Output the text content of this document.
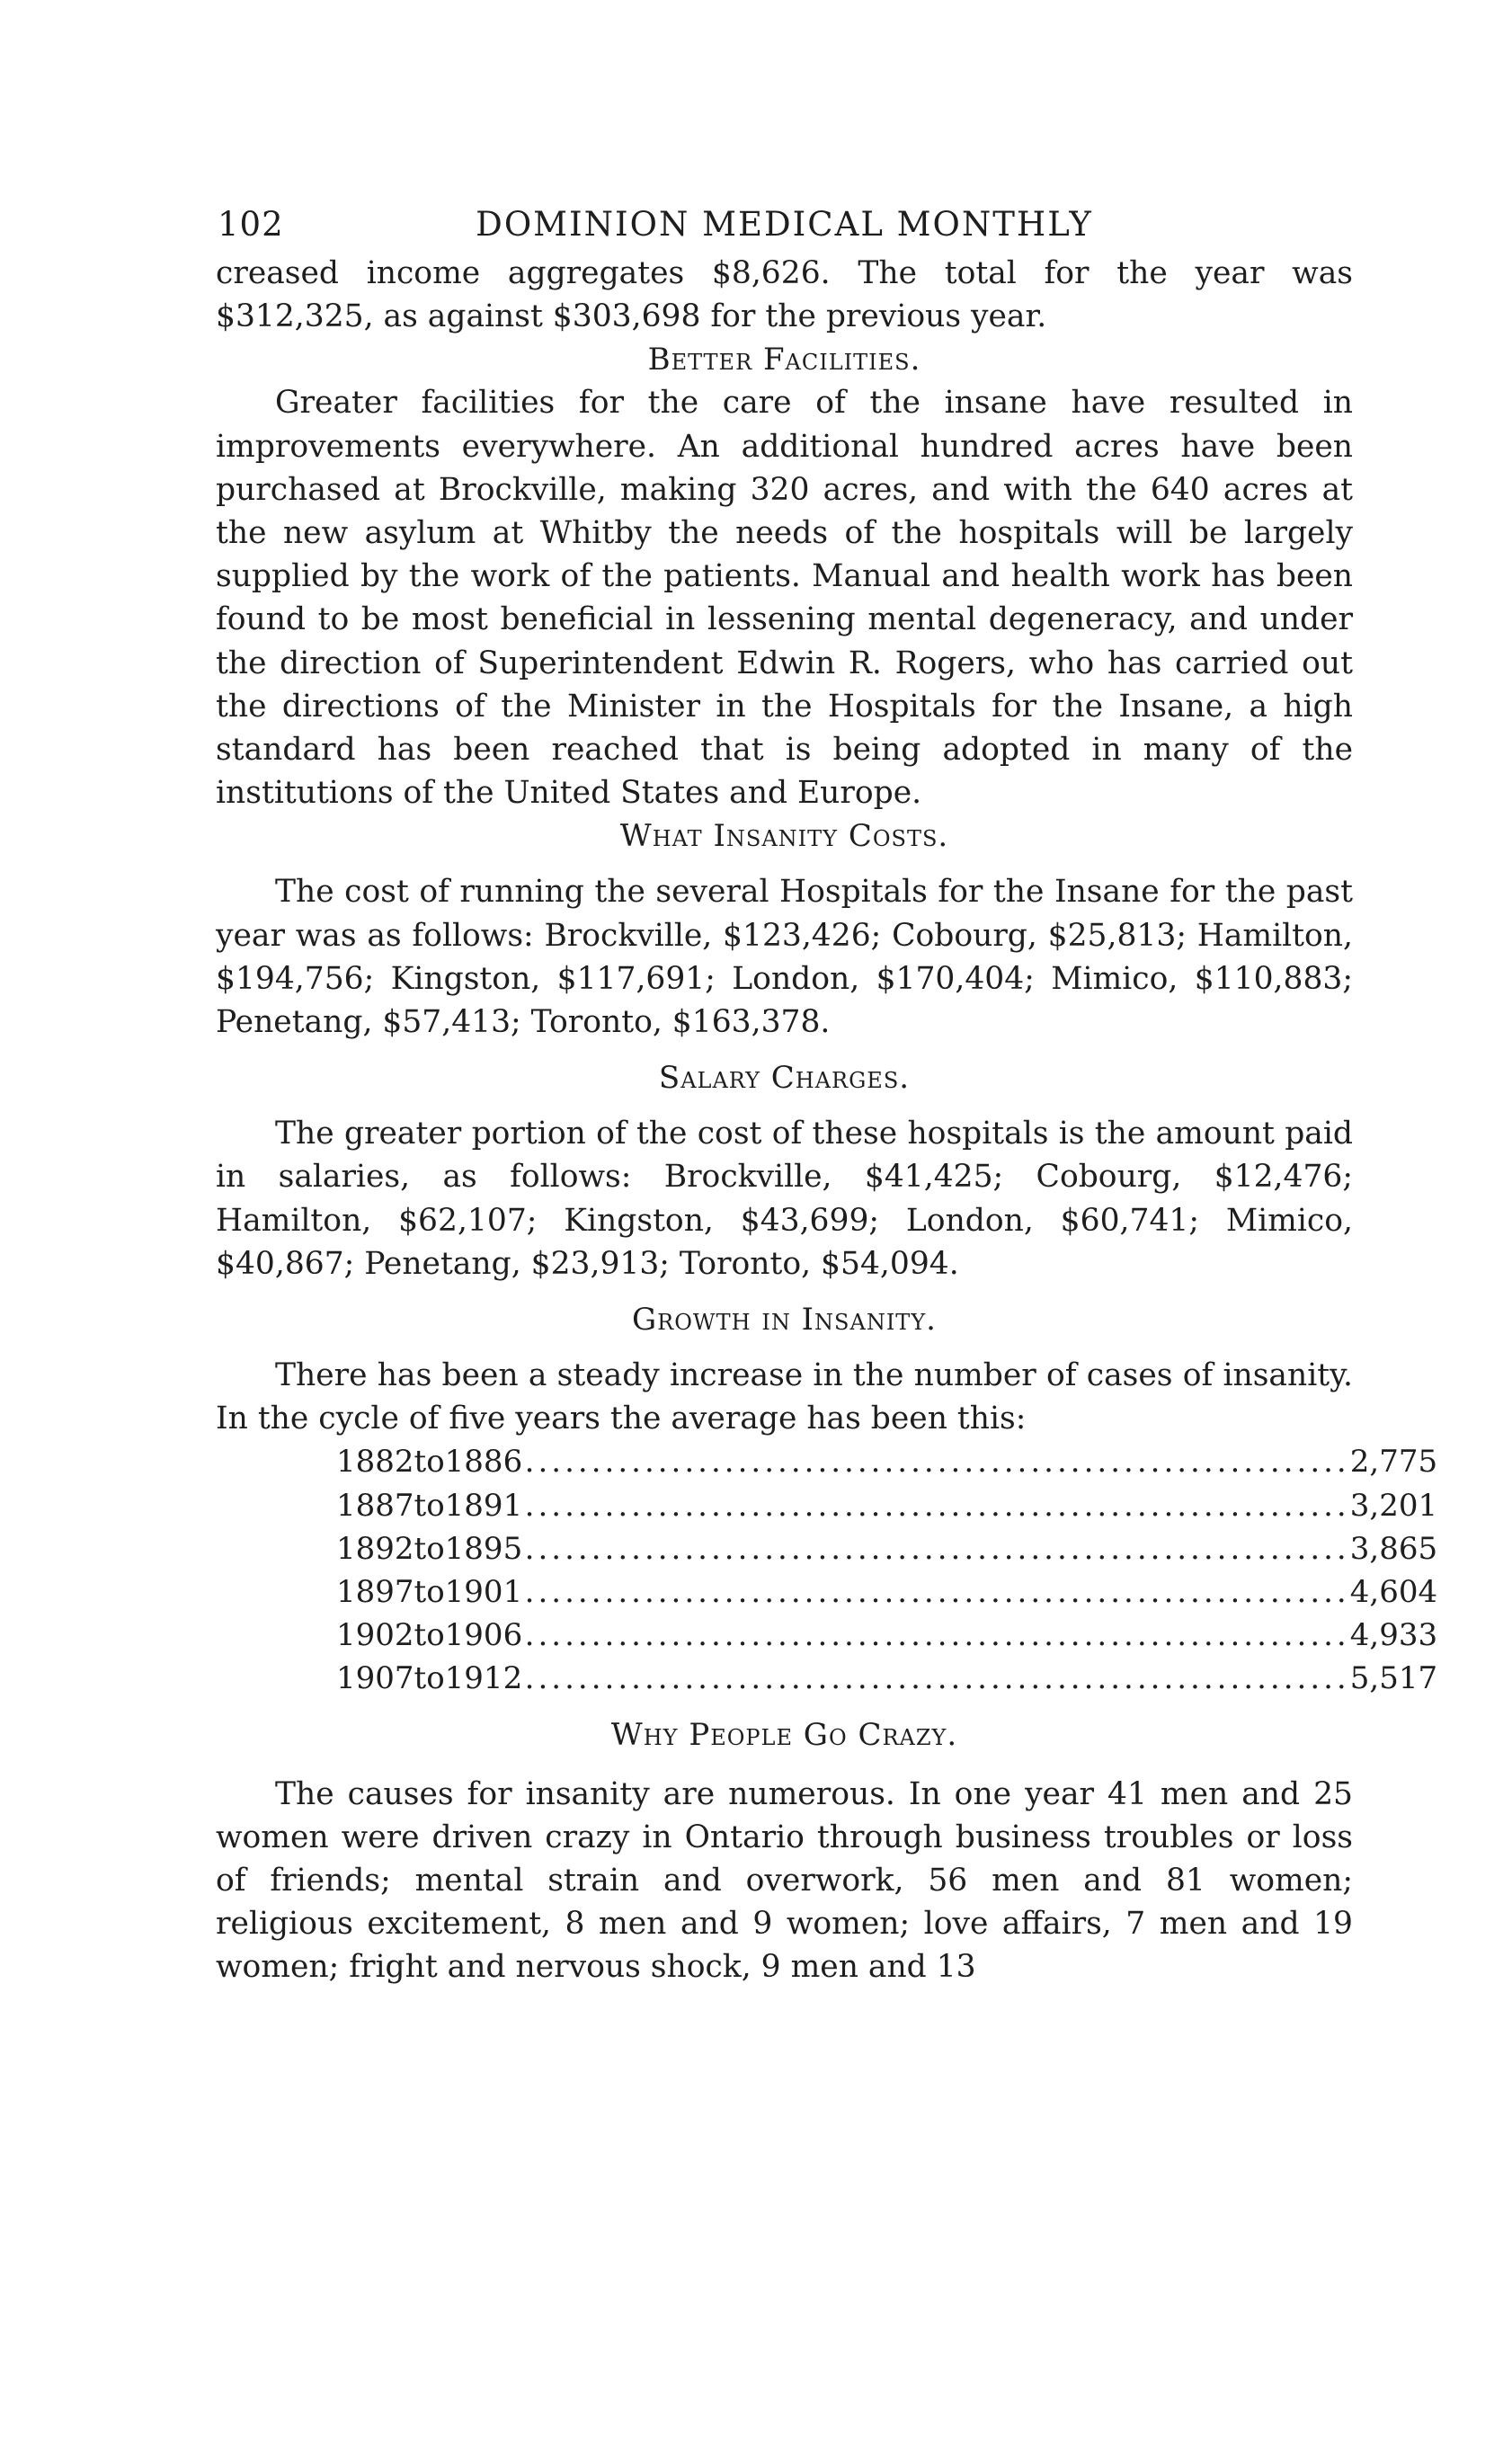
102	DOMINION MEDICAL MONTHLY

creased income aggregates $8,626. The total for the year was $312,325, as against $303,698 for the previous year.

Better Facilities.

Greater facilities for the care of the insane have resulted in improvements everywhere. An additional hundred acres have been purchased at Brockville, making 320 acres, and with the 640 acres at the new asylum at Whitby the needs of the hospitals will be largely supplied by the work of the patients. Manual and health work has been found to be most beneficial in lessening mental degeneracy, and under the direction of Superintendent Edwin R. Rogers, who has carried out the directions of the Minister in the Hospitals for the Insane, a high standard has been reached that is being adopted in many of the institutions of the United States and Europe.

What Insanity Costs.

The cost of running the several Hospitals for the Insane for the past year was as follows: Brockville, $123,426; Cobourg, $25,813; Hamilton, $194,756; Kingston, $117,691; London, $170,404; Mimico, $110,883; Penetang, $57,413; Toronto, $163,378.

Salary Charges.

The greater portion of the cost of these hospitals is the amount paid in salaries, as follows: Brockville, $41,425; Cobourg, $12,476; Hamilton, $62,107; Kingston, $43,699; London, $60,741; Mimico, $40,867; Penetang, $23,913; Toronto, $54,094.

Growth in Insanity.

There has been a steady increase in the number of cases of insanity. In the cycle of five years the average has been this:

1882 to 1886 .............................................................. 2,775
1887 to 1891 .............................................................. 3,201
1892 to 1895 .............................................................. 3,865
1897 to 1901 .............................................................. 4,604
1902 to 1906 .............................................................. 4,933
1907 to 1912 .............................................................. 5,517
Why People Go Crazy.

The causes for insanity are numerous. In one year 41 men and 25 women were driven crazy in Ontario through business troubles or loss of friends; mental strain and overwork, 56 men and 81 women; religious excitement, 8 men and 9 women; love affairs, 7 men and 19 women; fright and nervous shock, 9 men and 13
